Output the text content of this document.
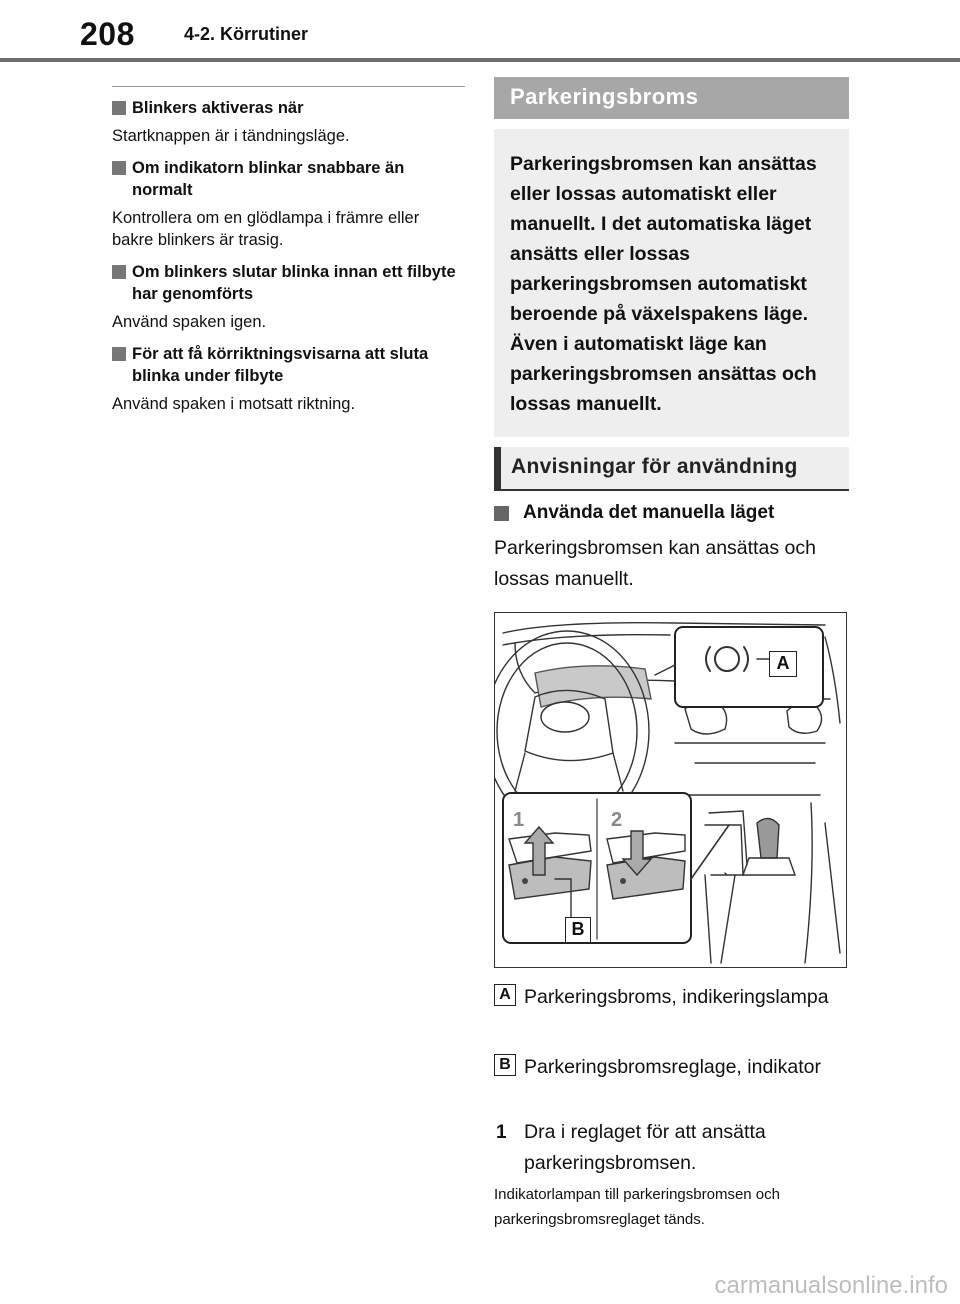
208	4-2. Körrutiner
Blinkers aktiveras när
Startknappen är i tändningsläge.
Om indikatorn blinkar snabbare än normalt
Kontrollera om en glödlampa i främre eller bakre blinkers är trasig.
Om blinkers slutar blinka innan ett filbyte har genomförts
Använd spaken igen.
För att få körriktningsvisarna att sluta blinka under filbyte
Använd spaken i motsatt riktning.
Parkeringsbroms
Parkeringsbromsen kan ansättas eller lossas automatiskt eller manuellt. I det automatiska läget ansätts eller lossas parkeringsbromsen automatiskt beroende på växelspakens läge. Även i automatiskt läge kan parkeringsbromsen ansättas och lossas manuellt.
Anvisningar för användning
Använda det manuella läget
Parkeringsbromsen kan ansättas och lossas manuellt.
A
B
1	2
A Parkeringsbroms, indikeringslampa
B Parkeringsbromsreglage, indikator
1 Dra i reglaget för att ansätta parkeringsbromsen.
Indikatorlampan till parkeringsbromsen och parkeringsbromsreglaget tänds.
carmanualsonline.info
